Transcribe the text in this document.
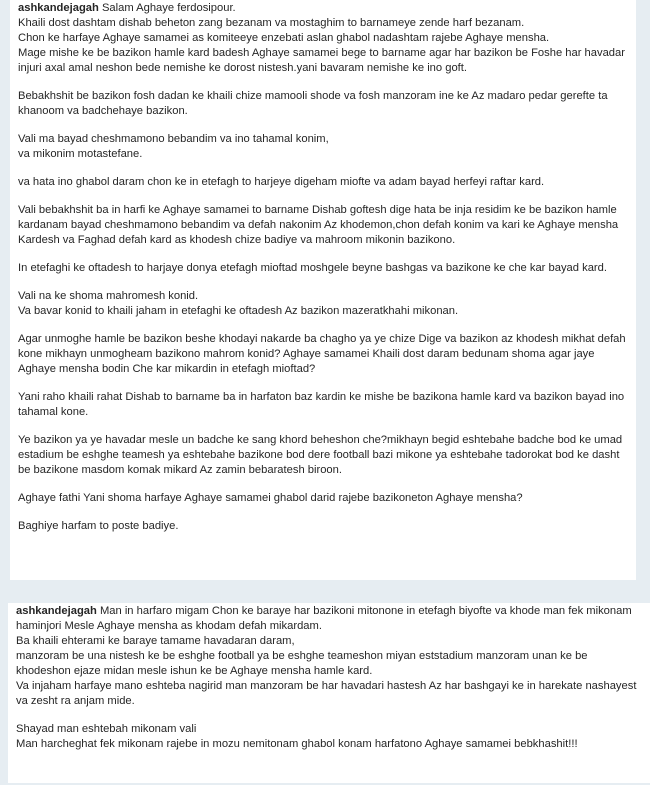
ashkandejagah Salam Aghaye ferdosipour.
Khaili dost dashtam dishab beheton zang bezanam va mostaghim to barnameye zende harf bezanam.
Chon ke harfaye Aghaye samamei as komiteeye enzebati aslan ghabol nadashtam rajebe Aghaye mensha.
Mage mishe ke be bazikon hamle kard badesh Aghaye samamei bege to barname agar har bazikon be Foshe har havadar injuri axal amal neshon bede nemishe ke dorost nistesh.yani bavaram nemishe ke ino goft.

Bebakhshit be bazikon fosh dadan ke khaili chize mamooli shode va fosh manzoram ine ke Az madaro pedar gerefte ta khanoom va badchehaye bazikon.

Vali ma bayad cheshmamono bebandim va ino tahamal konim,
va mikonim motastefane.

va hata ino ghabol daram chon ke in etefagh to harjeye digeham miofte va adam bayad herfeyi raftar kard.

Vali bebakhshit ba in harfi ke Aghaye samamei to barname Dishab goftesh dige hata be inja residim ke be bazikon hamle kardanam bayad cheshmamono bebandim va defah nakonim Az khodemon,chon defah konim va kari ke Aghaye mensha Kardesh va Faghad defah kard as khodesh chize badiye va mahroom mikonin bazikono.

In etefaghi ke oftadesh to harjaye donya etefagh mioftad moshgele beyne bashgas va bazikone ke che kar bayad kard.

Vali na ke shoma mahromesh konid.
Va bavar konid to khaili jaham in etefaghi ke oftadesh Az bazikon mazeratkhahi mikonan.

Agar unmoghe hamle be bazikon beshe khodayi nakarde ba chagho ya ye chize Dige va bazikon az khodesh mikhat defah kone mikhayn unmogheam bazikono mahrom konid? Aghaye samamei Khaili dost daram bedunam shoma agar jaye Aghaye mensha bodin Che kar mikardin in etefagh mioftad?

Yani raho khaili rahat Dishab to barname ba in harfaton baz kardin ke mishe be bazikona hamle kard va bazikon bayad ino tahamal kone.

Ye bazikon ya ye havadar mesle un badche ke sang khord beheshon che?mikhayn begid eshtebahe badche bod ke umad estadium be eshghe teamesh ya eshtebahe bazikone bod dere football bazi mikone ya eshtebahe tadorokat bod ke dasht be bazikone masdom komak mikard Az zamin bebaratesh biroon.

Aghaye fathi Yani shoma harfaye Aghaye samamei ghabol darid rajebe bazikoneton Aghaye mensha?

Baghiye harfam to poste badiye.

ashkandejagah Man in harfaro migam Chon ke baraye har bazikoni mitonone in etefagh biyofte va khode man fek mikonam haminjori Mesle Aghaye mensha as khodam defah mikardam.
Ba khaili ehterami ke baraye tamame havadaran daram,
manzoram be una nistesh ke be eshghe football ya be eshghe teameshon miyan eststadium manzoram unan ke be khodeshon ejaze midan mesle ishun ke be Aghaye mensha hamle kard.
Va injaham harfaye mano eshteba nagirid man manzoram be har havadari hastesh Az har bashgayi ke in harekate nashayest va zesht ra anjam mide.

Shayad man eshtebah mikonam vali
Man harcheghat fek mikonam rajebe in mozu nemitonam ghabol konam harfatono Aghaye samamei bebkhashit!!!
